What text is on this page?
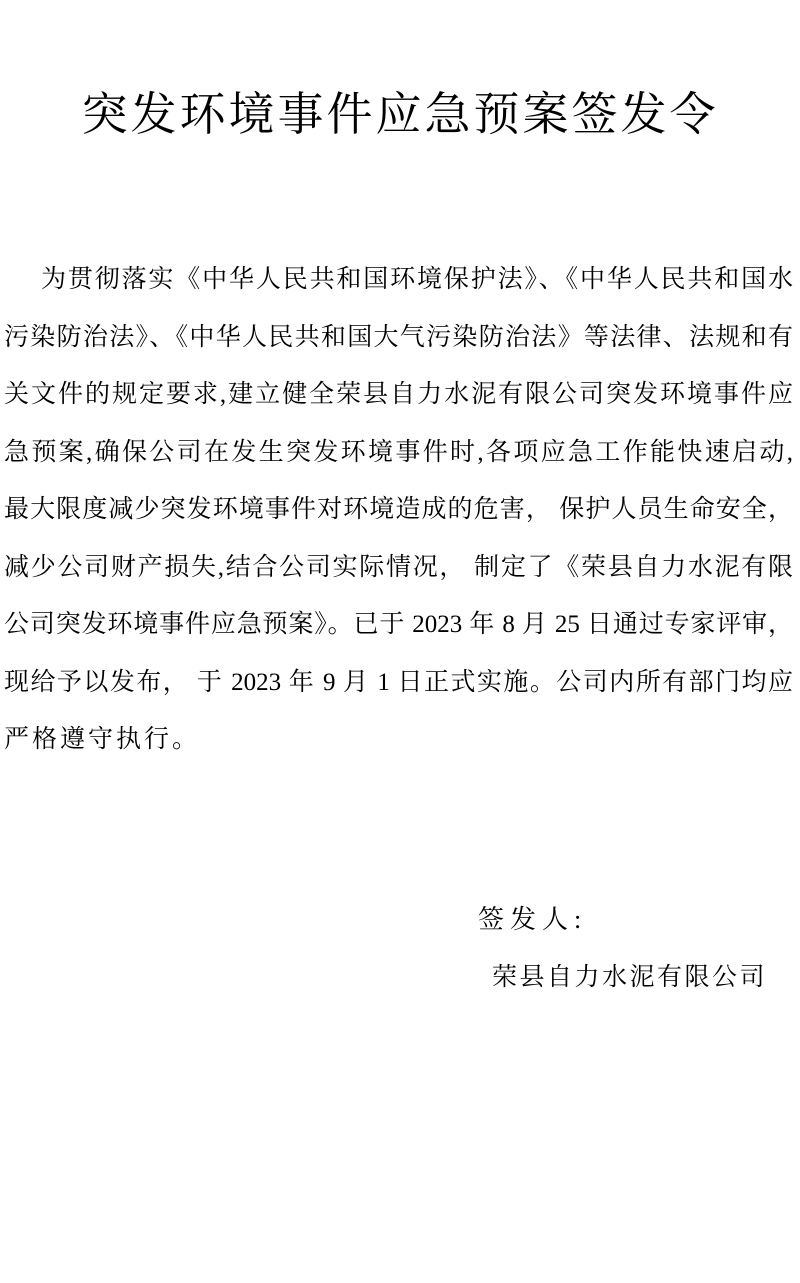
突发环境事件应急预案签发令
为贯彻落实《中华人民共和国环境保护法》、《中华人民共和国水
污染防治法》、《中华人民共和国大气污染防治法》等法律、法规和有
关文件的规定要求,建立健全荣县自力水泥有限公司突发环境事件应
急预案,确保公司在发生突发环境事件时,各项应急工作能快速启动,
最大限度减少突发环境事件对环境造成的危害， 保护人员生命安全，
减少公司财产损失,结合公司实际情况， 制定了《荣县自力水泥有限
公司突发环境事件应急预案》。已于 2023 年 8 月 25 日通过专家评审，
现给予以发布， 于 2023 年 9 月 1 日正式实施。公司内所有部门均应
严格遵守执行。
签发人:
荣县自力水泥有限公司
